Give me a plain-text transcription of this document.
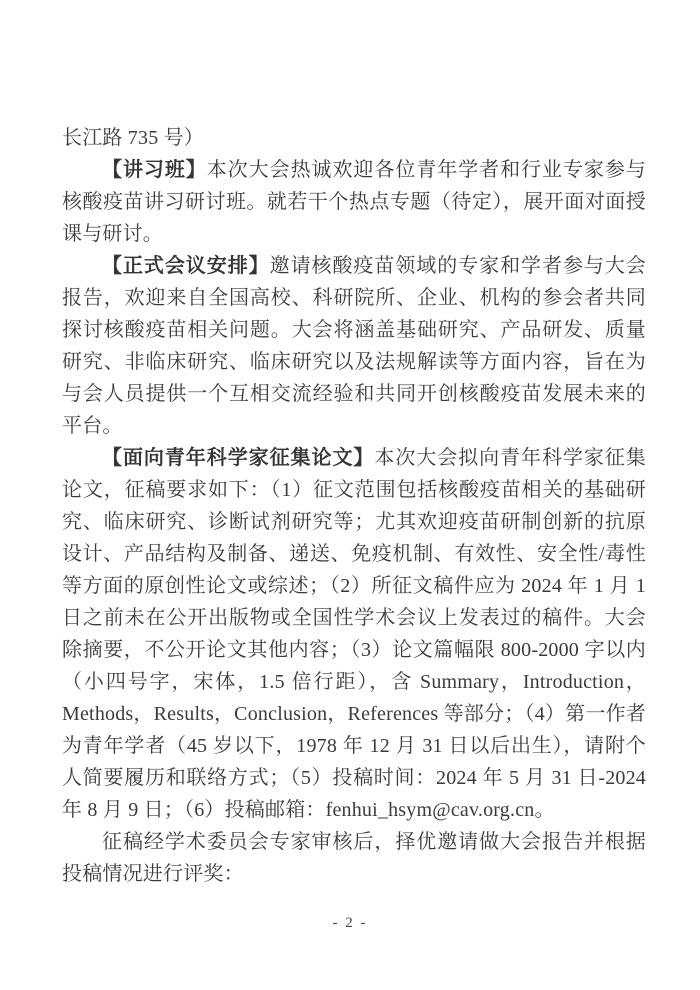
长江路 735 号）

【讲习班】本次大会热诚欢迎各位青年学者和行业专家参与核酸疫苗讲习研讨班。就若干个热点专题（待定），展开面对面授课与研讨。

【正式会议安排】邀请核酸疫苗领域的专家和学者参与大会报告，欢迎来自全国高校、科研院所、企业、机构的参会者共同探讨核酸疫苗相关问题。大会将涵盖基础研究、产品研发、质量研究、非临床研究、临床研究以及法规解读等方面内容，旨在为与会人员提供一个互相交流经验和共同开创核酸疫苗发展未来的平台。

【面向青年科学家征集论文】本次大会拟向青年科学家征集论文，征稿要求如下：（1）征文范围包括核酸疫苗相关的基础研究、临床研究、诊断试剂研究等；尤其欢迎疫苗研制创新的抗原设计、产品结构及制备、递送、免疫机制、有效性、安全性/毒性等方面的原创性论文或综述；（2）所征文稿件应为 2024 年 1 月 1 日之前未在公开出版物或全国性学术会议上发表过的稿件。大会除摘要，不公开论文其他内容；（3）论文篇幅限 800-2000 字以内（小四号字，宋体，1.5 倍行距），含 Summary，Introduction，Methods，Results，Conclusion，References 等部分；（4）第一作者为青年学者（45 岁以下，1978 年 12 月 31 日以后出生），请附个人简要履历和联络方式；（5）投稿时间：2024 年 5 月 31 日-2024 年 8 月 9 日；（6）投稿邮箱：fenhui_hsym@cav.org.cn。

征稿经学术委员会专家审核后，择优邀请做大会报告并根据投稿情况进行评奖：

- 2 -
